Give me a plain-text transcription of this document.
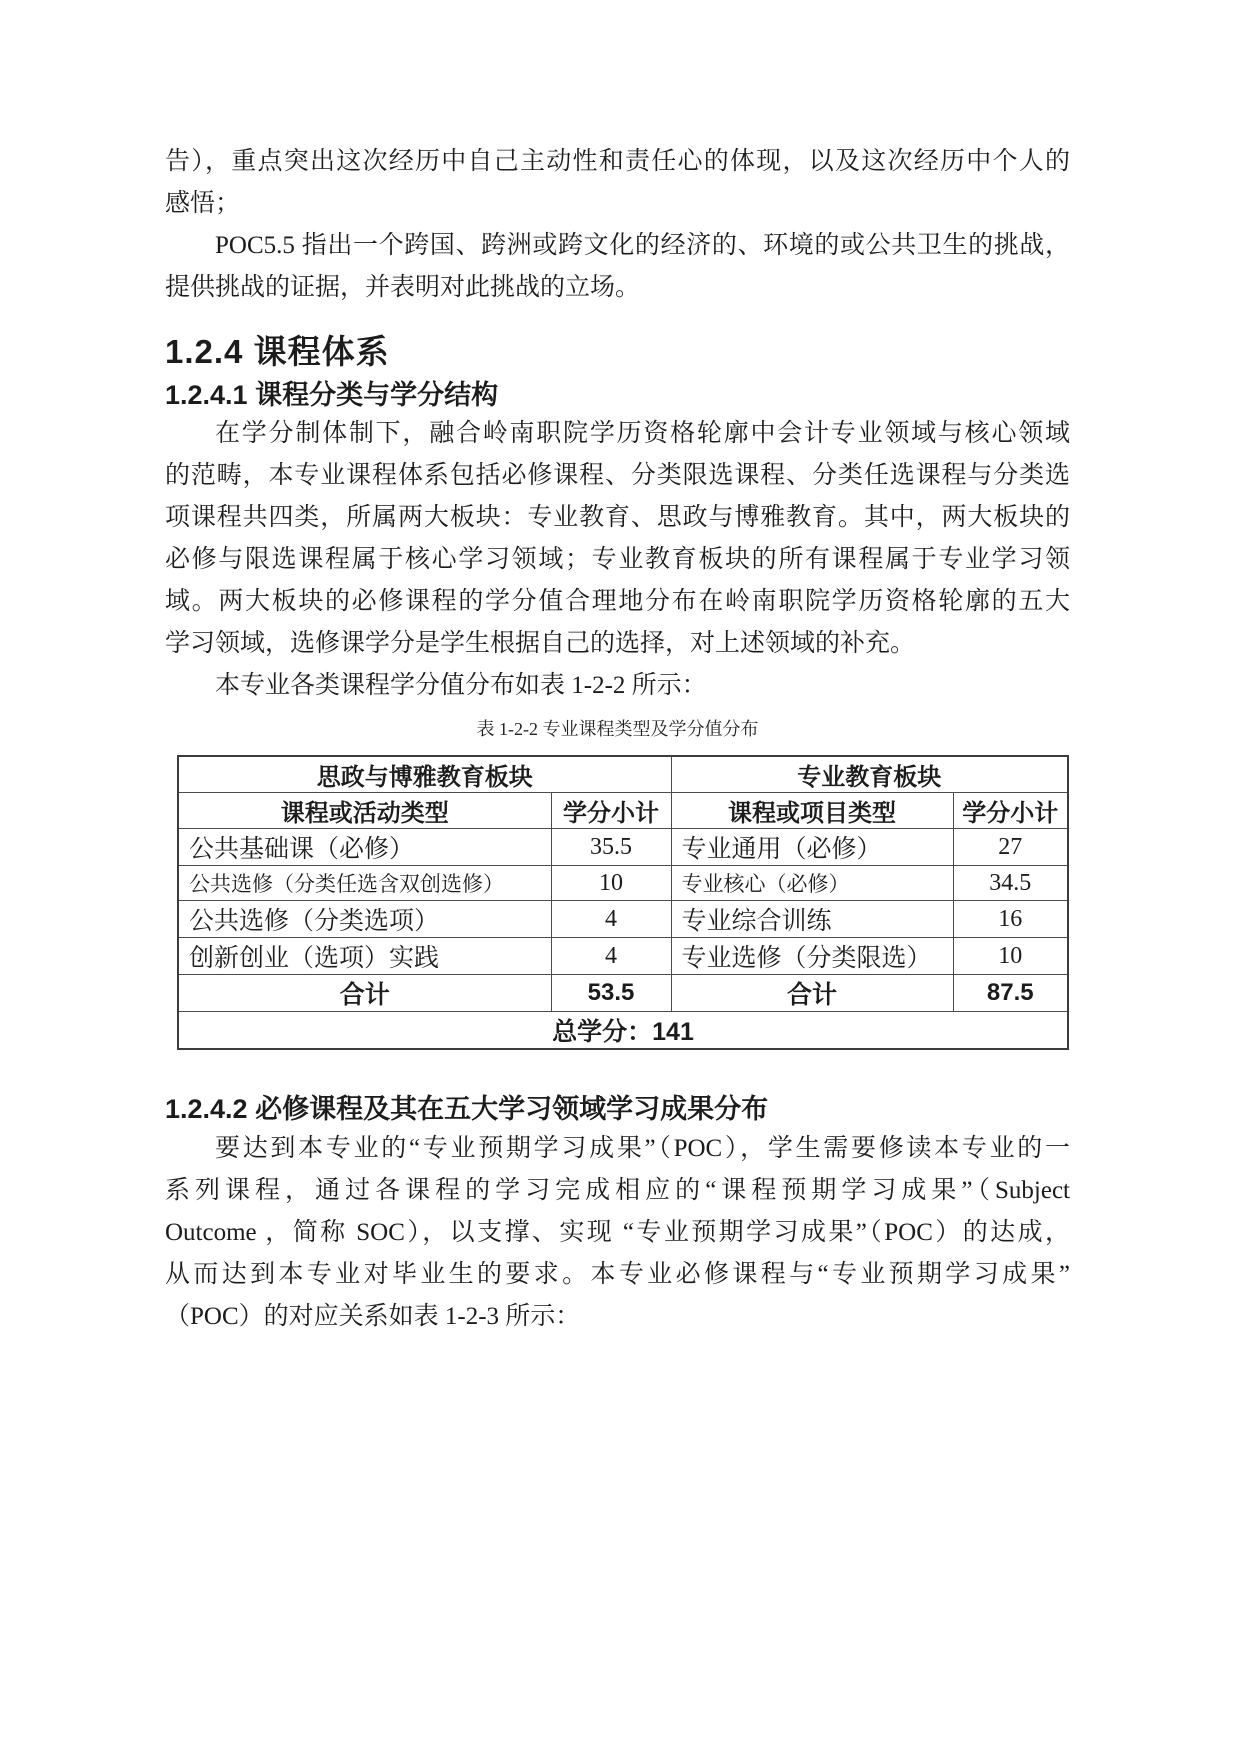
告），重点突出这次经历中自己主动性和责任心的体现，以及这次经历中个人的
感悟；
POC5.5 指出一个跨国、跨洲或跨文化的经济的、环境的或公共卫生的挑战，
提供挑战的证据，并表明对此挑战的立场。
1.2.4 课程体系
1.2.4.1 课程分类与学分结构
在学分制体制下，融合岭南职院学历资格轮廓中会计专业领域与核心领域
的范畴，本专业课程体系包括必修课程、分类限选课程、分类任选课程与分类选
项课程共四类，所属两大板块：专业教育、思政与博雅教育。其中，两大板块的
必修与限选课程属于核心学习领域；专业教育板块的所有课程属于专业学习领
域。两大板块的必修课程的学分值合理地分布在岭南职院学历资格轮廓的五大
学习领域，选修课学分是学生根据自己的选择，对上述领域的补充。
本专业各类课程学分值分布如表 1-2-2 所示：
表 1-2-2 专业课程类型及学分值分布
思政与博雅教育板块		专业教育板块	
课程或活动类型	学分小计	课程或项目类型	学分小计
公共基础课（必修）	35.5	专业通用（必修）	27
公共选修（分类任选含双创选修）	10	专业核心（必修）	34.5
公共选修（分类选项）	4	专业综合训练	16
创新创业（选项）实践	4	专业选修（分类限选）	10
合计	53.5	合计	87.5
总学分：141			
1.2.4.2 必修课程及其在五大学习领域学习成果分布
要达到本专业的“专业预期学习成果”（POC），学生需要修读本专业的一
系列课程，通过各课程的学习完成相应的“课程预期学习成果”（Subject
Outcome ，简称 SOC），以支撑、实现 “专业预期学习成果”（POC）的达成，
从而达到本专业对毕业生的要求。本专业必修课程与“专业预期学习成果”
（POC）的对应关系如表 1-2-3 所示：
